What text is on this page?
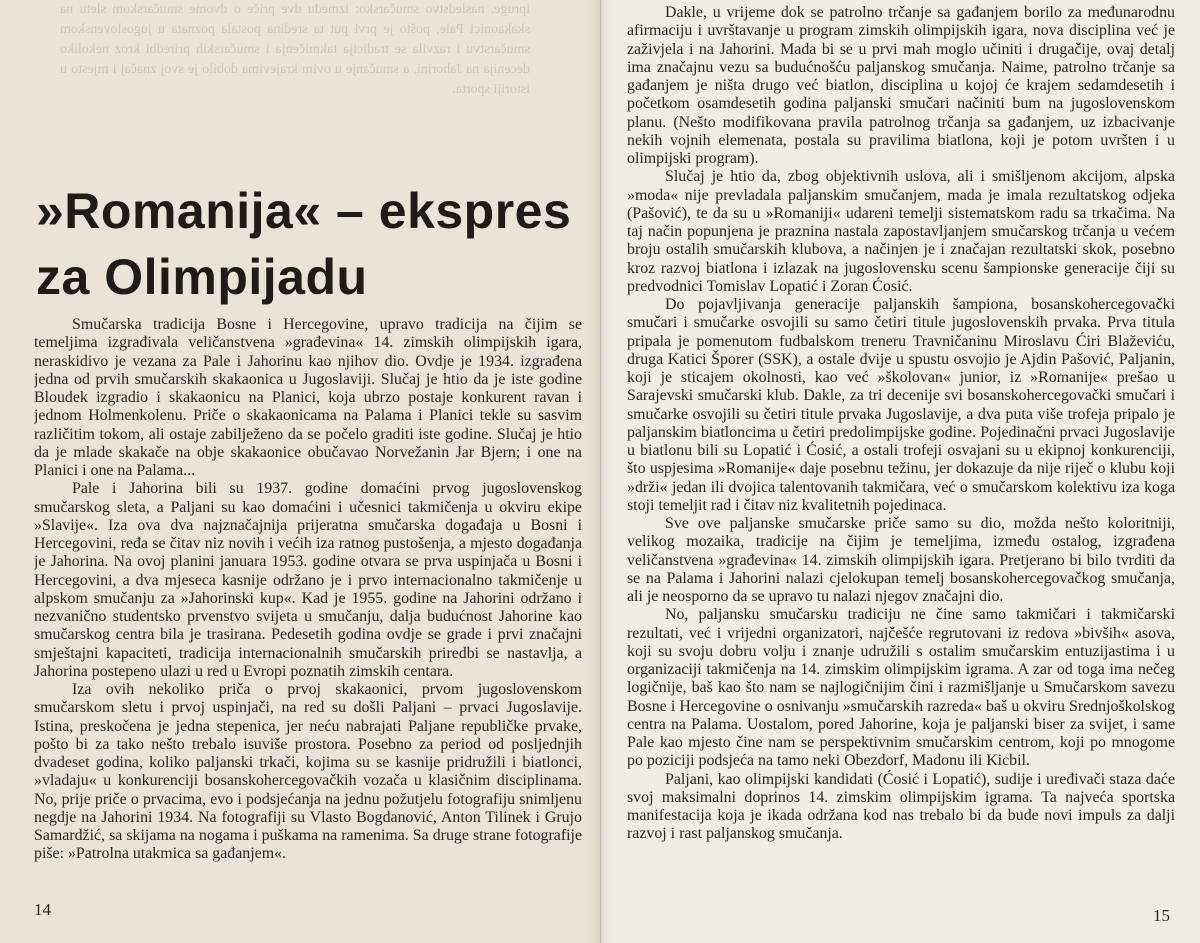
ipruge. nasledstvo smučarsko: između dve priče o dvome smučarskom sletu na skakaonici Pale, pošto je prvi put ta sredina postala poznata u jugoslovenskom smučarstvu i razvila se tradicija takmičenja i smučarskih priredbi kroz nekoliko decenija na Jahorini, a smučanje u ovim krajevima dobilo je svoj značaj i mjesto u istoriji sporta.

»Romanija« – ekspres
za Olimpijadu

Smučarska tradicija Bosne i Hercegovine, upravo tradicija na čijim se temeljima izgrađivala veličanstvena »građevina« 14. zimskih olimpijskih igara, neraskidivo je vezana za Pale i Jahorinu kao njihov dio. Ovdje je 1934. izgrađena jedna od prvih smučarskih skakaonica u Jugoslaviji. Slučaj je htio da je iste godine Bloudek izgradio i skakaonicu na Planici, koja ubrzo postaje konkurent ravan i jednom Holmenkolenu. Priče o skakaonicama na Palama i Planici tekle su sasvim različitim tokom, ali ostaje zabilježeno da se počelo graditi iste godine. Slučaj je htio da je mlade skakače na obje skakaonice obučavao Norvežanin Jar Bjern; i one na Planici i one na Palama...

Pale i Jahorina bili su 1937. godine domaćini prvog jugoslovenskog smučarskog sleta, a Paljani su kao domaćini i učesnici takmičenja u okviru ekipe »Slavije«. Iza ova dva najznačajnija prijeratna smučarska događaja u Bosni i Hercegovini, ređa se čitav niz novih i većih iza ratnog pustošenja, a mjesto događanja je Jahorina. Na ovoj planini januara 1953. godine otvara se prva uspinjača u Bosni i Hercegovini, a dva mjeseca kasnije održano je i prvo internacionalno takmičenje u alpskom smučanju za »Jahorinski kup«. Kad je 1955. godine na Jahorini održano i nezvanično studentsko prvenstvo svijeta u smučanju, dalja budućnost Jahorine kao smučarskog centra bila je trasirana. Pedesetih godina ovdje se grade i prvi značajni smještajni kapaciteti, tradicija internacionalnih smučarskih priredbi se nastavlja, a Jahorina postepeno ulazi u red u Evropi poznatih zimskih centara.

Iza ovih nekoliko priča o prvoj skakaonici, prvom jugoslovenskom smučarskom sletu i prvoj uspinjači, na red su došli Paljani – prvaci Jugoslavije. Istina, preskočena je jedna stepenica, jer neću nabrajati Paljane republičke prvake, pošto bi za tako nešto trebalo isuviše prostora. Posebno za period od posljednjih dvadeset godina, koliko paljanski trkači, kojima su se kasnije pridružili i biatlonci, »vladaju« u konkurenciji bosanskohercegovačkih vozača u klasičnim disciplinama. No, prije priče o prvacima, evo i podsjećanja na jednu požutjelu fotografiju snimljenu negdje na Jahorini 1934. Na fotografiji su Vlasto Bogdanović, Anton Tilinek i Grujo Samardžić, sa skijama na nogama i puškama na ramenima. Sa druge strane fotografije piše: »Patrolna utakmica sa gađanjem«.

14

Dakle, u vrijeme dok se patrolno trčanje sa gađanjem borilo za međunarodnu afirmaciju i uvrštavanje u program zimskih olimpijskih igara, nova disciplina već je zaživjela i na Jahorini. Mada bi se u prvi mah moglo učiniti i drugačije, ovaj detalj ima značajnu vezu sa budućnošću paljanskog smučanja. Naime, patrolno trčanje sa gađanjem je ništa drugo već biatlon, disciplina u kojoj će krajem sedamdesetih i početkom osamdesetih godina paljanski smučari načiniti bum na jugoslovenskom planu. (Nešto modifikovana pravila patrolnog trčanja sa gađanjem, uz izbacivanje nekih vojnih elemenata, postala su pravilima biatlona, koji je potom uvršten i u olimpijski program).

Slučaj je htio da, zbog objektivnih uslova, ali i smišljenom akcijom, alpska »moda« nije prevladala paljanskim smučanjem, mada je imala rezultatskog odjeka (Pašović), te da su u »Romaniji« udareni temelji sistematskom radu sa trkačima. Na taj način popunjena je praznina nastala zapostavljanjem smučarskog trčanja u većem broju ostalih smučarskih klubova, a načinjen je i značajan rezultatski skok, posebno kroz razvoj biatlona i izlazak na jugoslovensku scenu šampionske generacije čiji su predvodnici Tomislav Lopatić i Zoran Ćosić.

Do pojavljivanja generacije paljanskih šampiona, bosanskohercegovački smučari i smučarke osvojili su samo četiri titule jugoslovenskih prvaka. Prva titula pripala je pomenutom fudbalskom treneru Travničaninu Miroslavu Ćiri Blaževiću, druga Katici Šporer (SSK), a ostale dvije u spustu osvojio je Ajdin Pašović, Paljanin, koji je sticajem okolnosti, kao već »školovan« junior, iz »Romanije« prešao u Sarajevski smučarski klub. Dakle, za tri decenije svi bosanskohercegovački smučari i smučarke osvojili su četiri titule prvaka Jugoslavije, a dva puta više trofeja pripalo je paljanskim biatloncima u četiri predolimpijske godine. Pojedinačni prvaci Jugoslavije u biatlonu bili su Lopatić i Ćosić, a ostali trofeji osvajani su u ekipnoj konkurenciji, što uspjesima »Romanije« daje posebnu težinu, jer dokazuje da nije riječ o klubu koji »drži« jedan ili dvojica talentovanih takmičara, već o smučarskom kolektivu iza koga stoji temeljit rad i čitav niz kvalitetnih pojedinaca.

Sve ove paljanske smučarske priče samo su dio, možda nešto koloritniji, velikog mozaika, tradicije na čijim je temeljima, između ostalog, izgrađena veličanstvena »građevina« 14. zimskih olimpijskih igara. Pretjerano bi bilo tvrditi da se na Palama i Jahorini nalazi cjelokupan temelj bosanskohercegovačkog smučanja, ali je neosporno da se upravo tu nalazi njegov značajni dio.

No, paljansku smučarsku tradiciju ne čine samo takmičari i takmičarski rezultati, već i vrijedni organizatori, najčešće regrutovani iz redova »bivših« asova, koji su svoju dobru volju i znanje udružili s ostalim smučarskim entuzijastima i u organizaciji takmičenja na 14. zimskim olimpijskim igrama. A zar od toga ima nečeg logičnije, baš kao što nam se najlogičnijim čini i razmišljanje u Smučarskom savezu Bosne i Hercegovine o osnivanju »smučarskih razreda« baš u okviru Srednjoškolskog centra na Palama. Uostalom, pored Jahorine, koja je paljanski biser za svijet, i same Pale kao mjesto čine nam se perspektivnim smučarskim centrom, koji po mnogome po poziciji podsjeća na tamo neki Obezdorf, Madonu ili Kicbil.

Paljani, kao olimpijski kandidati (Ćosić i Lopatić), sudije i uređivači staza daće svoj maksimalni doprinos 14. zimskim olimpijskim igrama. Ta najveća sportska manifestacija koja je ikada održana kod nas trebalo bi da bude novi impuls za dalji razvoj i rast paljanskog smučanja.

15
